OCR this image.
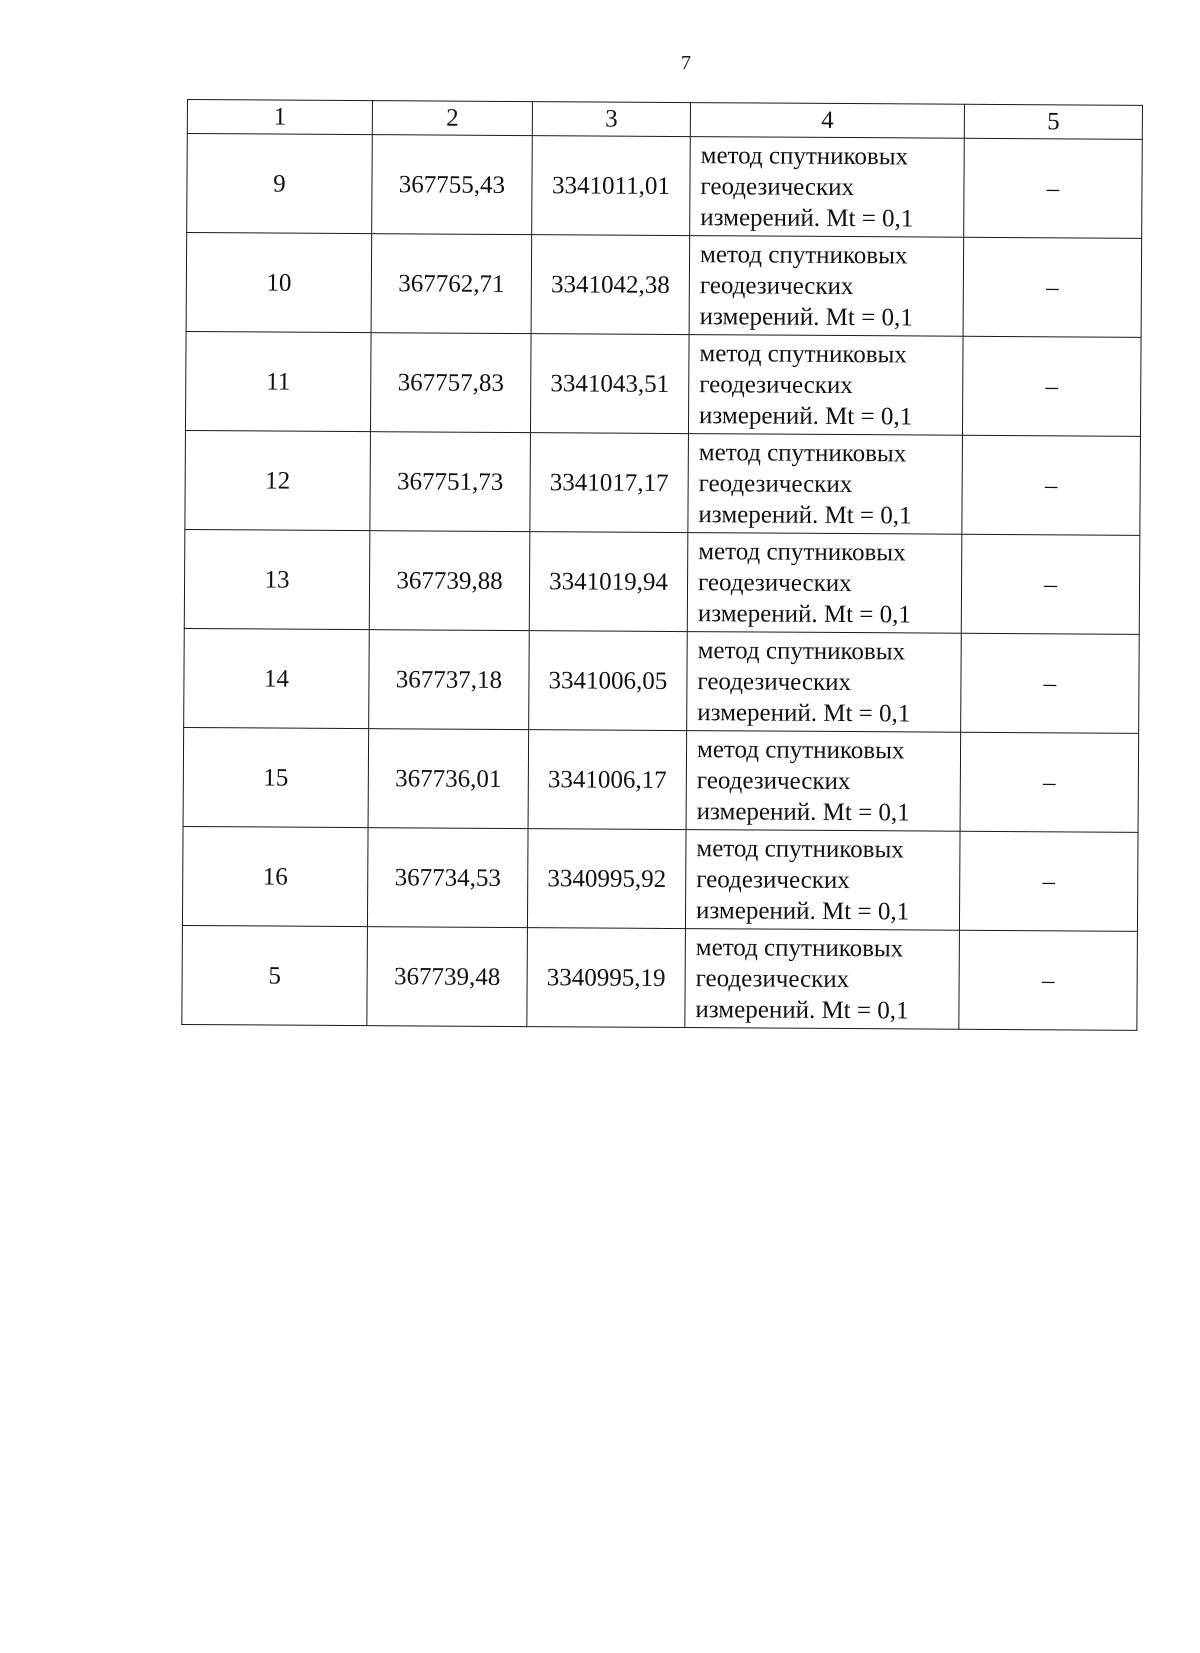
7
1	2	3	4	5
9	367755,43	3341011,01	метод спутниковых
геодезических
измерений. Mt = 0,1	–
10	367762,71	3341042,38	метод спутниковых
геодезических
измерений. Mt = 0,1	–
11	367757,83	3341043,51	метод спутниковых
геодезических
измерений. Mt = 0,1	–
12	367751,73	3341017,17	метод спутниковых
геодезических
измерений. Mt = 0,1	–
13	367739,88	3341019,94	метод спутниковых
геодезических
измерений. Mt = 0,1	–
14	367737,18	3341006,05	метод спутниковых
геодезических
измерений. Mt = 0,1	–
15	367736,01	3341006,17	метод спутниковых
геодезических
измерений. Mt = 0,1	–
16	367734,53	3340995,92	метод спутниковых
геодезических
измерений. Mt = 0,1	–
5	367739,48	3340995,19	метод спутниковых
геодезических
измерений. Mt = 0,1	–
